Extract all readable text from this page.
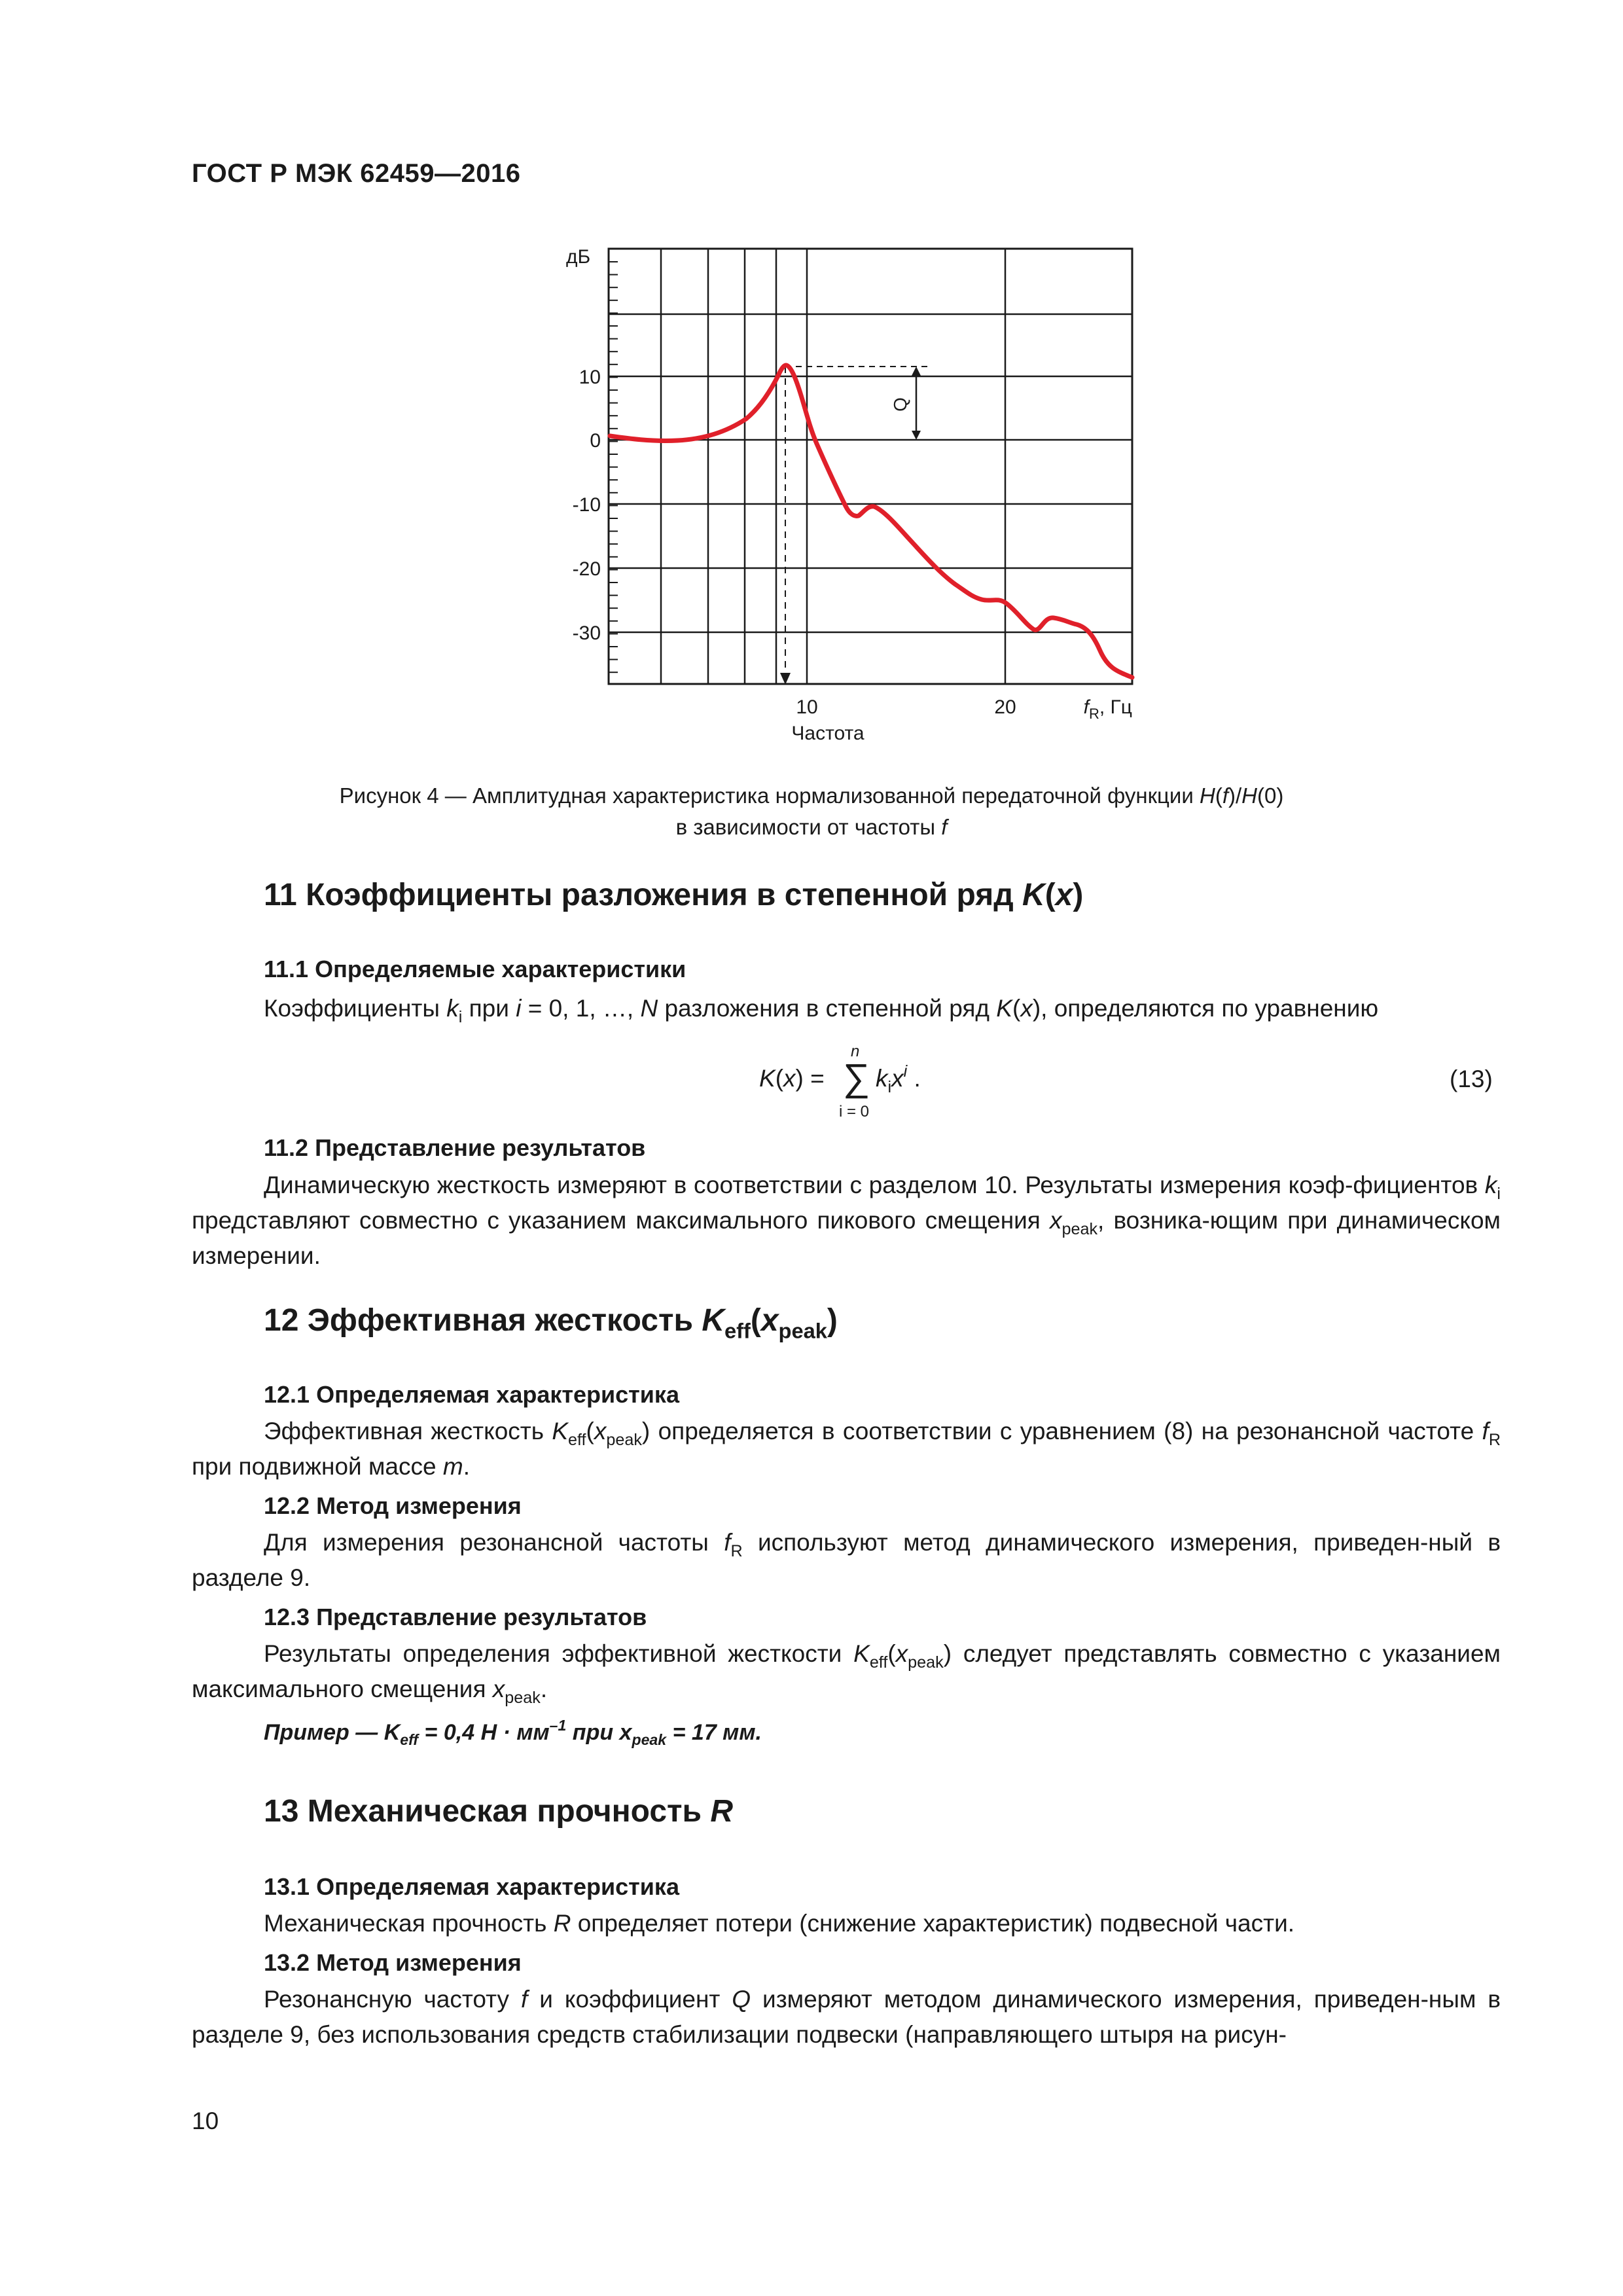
ГОСТ Р МЭК 62459—2016
Q
дБ
10
0
-10
-20
-30
10	20	$f_R$, Гц
Частота
Рисунок 4 — Амплитудная характеристика нормализованной передаточной функции H(f)/H(0)
в зависимости от частоты f
11 Коэффициенты разложения в степенной ряд K(x)
11.1 Определяемые характеристики
Коэффициенты $k_i$ при i = 0, 1, …, N разложения в степенной ряд K(x), определяются по уравнению
K(x) =
n
∑
i = 0
$k_ix^i$ .	(13)
11.2 Представление результатов
Динамическую жесткость измеряют в соответствии с разделом 10. Результаты измерения коэф-фициентов $k_i$ представляют совместно с указанием максимального пикового смещения $x_{peak}$, возника-ющим при динамическом измерении.
12 Эффективная жесткость $K_{eff}(x_{peak})$
12.1 Определяемая характеристика
Эффективная жесткость $K_{eff}(x_{peak})$ определяется в соответствии с уравнением (8) на резонансной частоте $f_R$ при подвижной массе m.
12.2 Метод измерения
Для измерения резонансной частоты $f_R$ используют метод динамического измерения, приведен-ный в разделе 9.
12.3 Представление результатов
Результаты определения эффективной жесткости $K_{eff}(x_{peak})$ следует представлять совместно с указанием максимального смещения $x_{peak}$.
Пример — $K_{eff} = 0,4$ $Н \cdot мм^{-1}$ при $x_{peak} = 17$ мм.
13 Механическая прочность R
13.1 Определяемая характеристика
Механическая прочность R определяет потери (снижение характеристик) подвесной части.
13.2 Метод измерения
Резонансную частоту f и коэффициент Q измеряют методом динамического измерения, приведен-ным в разделе 9, без использования средств стабилизации подвески (направляющего штыря на рисун-
10
